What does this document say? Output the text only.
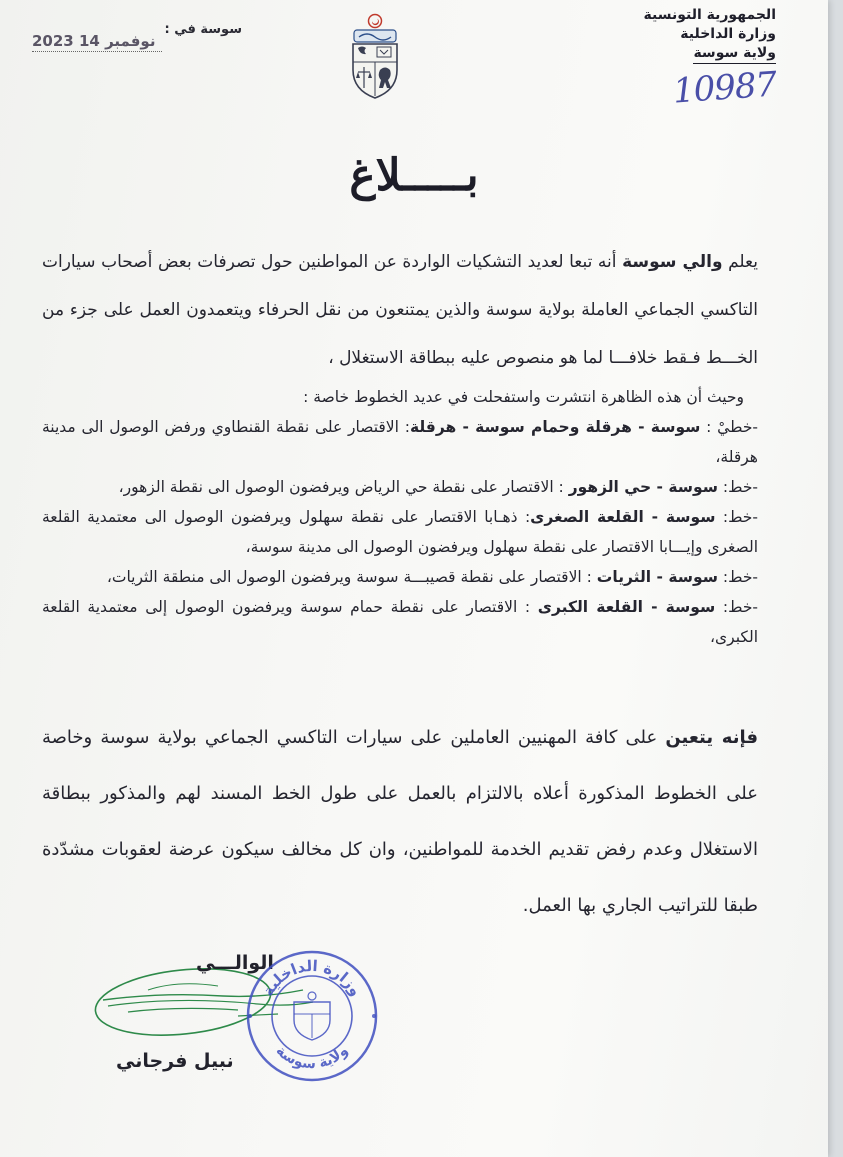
الجمهورية التونسية
وزارة الداخلية
ولاية سوسة
10987
سوسة في :
2023 نوفمبر 14
بـــــلاغ
يعلم والي سوسة أنه تبعا لعديد التشكيات الواردة عن المواطنين حول تصرفات بعض أصحاب سيارات التاكسي الجماعي العاملة بولاية سوسة والذين يمتنعون من نقل الحرفاء ويتعمدون العمل على جزء من الخـــط فـقط خلافـــا لما هو منصوص عليه ببطاقة الاستغلال ،
وحيث أن هذه الظاهرة انتشرت واستفحلت في عديد الخطوط خاصة :
-خطيْ : سوسة - هرقلة وحمام سوسة - هرقلة: الاقتصار على نقطة القنطاوي ورفض الوصول الى مدينة هرقلة،
-خط: سوسة - حي الزهور : الاقتصار على نقطة حي الرياض ويرفضون الوصول الى نقطة الزهور،
-خط: سوسة - القلعة الصغرى: ذهـابا الاقتصار على نقطة سهلول ويرفضون الوصول الى معتمدية القلعة الصغرى وإيـــابا الاقتصار على نقطة سهلول ويرفضون الوصول الى مدينة سوسة،
-خط: سوسة - الثريات : الاقتصار على نقطة قصيبـــة سوسة ويرفضون الوصول الى منطقة الثريات،
-خط: سوسة - القلعة الكبرى : الاقتصار على نقطة حمام سوسة ويرفضون الوصول إلى معتمدية القلعة الكبرى،
فإنه يتعين على كافة المهنيين العاملين على سيارات التاكسي الجماعي بولاية سوسة وخاصة على الخطوط المذكورة أعلاه بالالتزام بالعمل على طول الخط المسند لهم والمذكور ببطاقة الاستغلال وعدم رفض تقديم الخدمة للمواطنين، وان كل مخالف سيكون عرضة لعقوبات مشدّدة طبقا للتراتيب الجاري بها العمل.
الوالـــي
نبيل فرجاني
وزارة الداخلية
ولاية سوسة
